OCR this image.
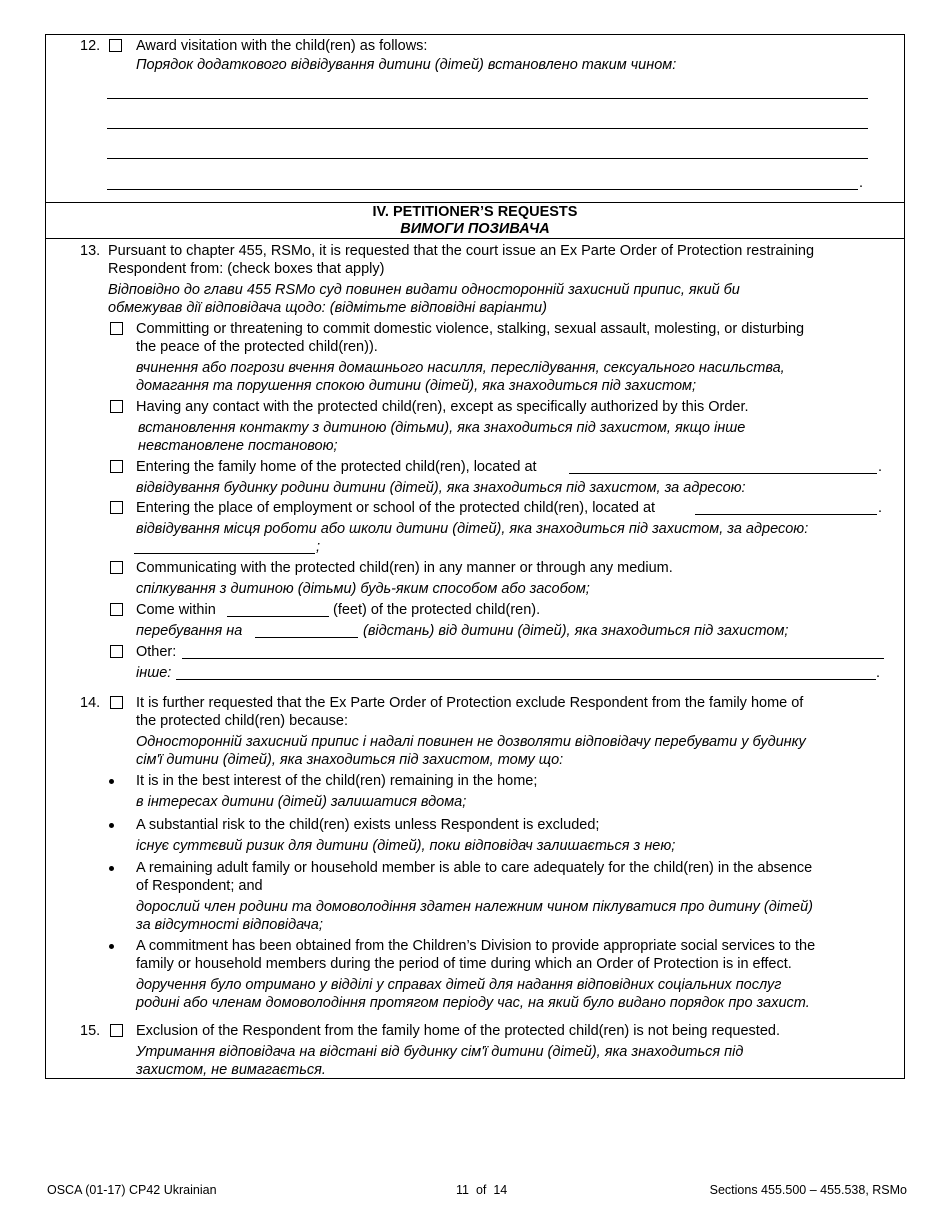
12. Award visitation with the child(ren) as follows:
Порядок додаткового відвідування дитини (дітей) встановлено таким чином:
.
IV. PETITIONER’S REQUESTS
ВИМОГИ ПОЗИВАЧА
13. Pursuant to chapter 455, RSMo, it is requested that the court issue an Ex Parte Order of Protection restraining
Respondent from: (check boxes that apply)
Відповідно до глави 455 RSMo суд повинен видати односторонній захисний припис, який би
обмежував дії відповідача щодо: (відмітьте відповідні варіанти)
Committing or threatening to commit domestic violence, stalking, sexual assault, molesting, or disturbing
the peace of the protected child(ren)).
вчинення або погрози вчення домашнього насилля, переслідування, сексуального насильства,
домагання та порушення спокою дитини (дітей), яка знаходиться під захистом;
Having any contact with the protected child(ren), except as specifically authorized by this Order.
встановлення контакту з дитиною (дітьми), яка знаходиться під захистом, якщо інше
невстановлене постановою;
Entering the family home of the protected child(ren), located at	.
відвідування будинку родини дитини (дітей), яка знаходиться під захистом, за адресою:
Entering the place of employment or school of the protected child(ren), located at	.
відвідування місця роботи або школи дитини (дітей), яка знаходиться під захистом, за адресою:
;
Communicating with the protected child(ren) in any manner or through any medium.
спілкування з дитиною (дітьми) будь-яким способом або засобом;
Come within	(feet) of the protected child(ren).
перебування на	(відстань) від дитини (дітей), яка знаходиться під захистом;
Other:
інше:	.
14. It is further requested that the Ex Parte Order of Protection exclude Respondent from the family home of
the protected child(ren) because:
Односторонній захисний припис і надалі повинен не дозволяти відповідачу перебувати у будинку
сім'ї дитини (дітей), яка знаходиться під захистом, тому що:
It is in the best interest of the child(ren) remaining in the home;
в інтересах дитини (дітей) залишатися вдома;
A substantial risk to the child(ren) exists unless Respondent is excluded;
існує суттєвий ризик для дитини (дітей), поки відповідач залишається з нею;
A remaining adult family or household member is able to care adequately for the child(ren) in the absence
of Respondent; and
дорослий член родини та домоволодіння здатен належним чином піклуватися про дитину (дітей)
за відсутності відповідача;
A commitment has been obtained from the Children’s Division to provide appropriate social services to the
family or household members during the period of time during which an Order of Protection is in effect.
доручення було отримано у відділі у справах дітей для надання відповідних соціальних послуг
родині або членам домоволодіння протягом періоду час, на який було видано порядок про захист.
15. Exclusion of the Respondent from the family home of the protected child(ren) is not being requested.
Утримання відповідача на відстані від будинку сім'ї дитини (дітей), яка знаходиться під
захистом, не вимагається.
OSCA (01-17) CP42 Ukrainian	11 of 14	Sections 455.500 – 455.538, RSMo
